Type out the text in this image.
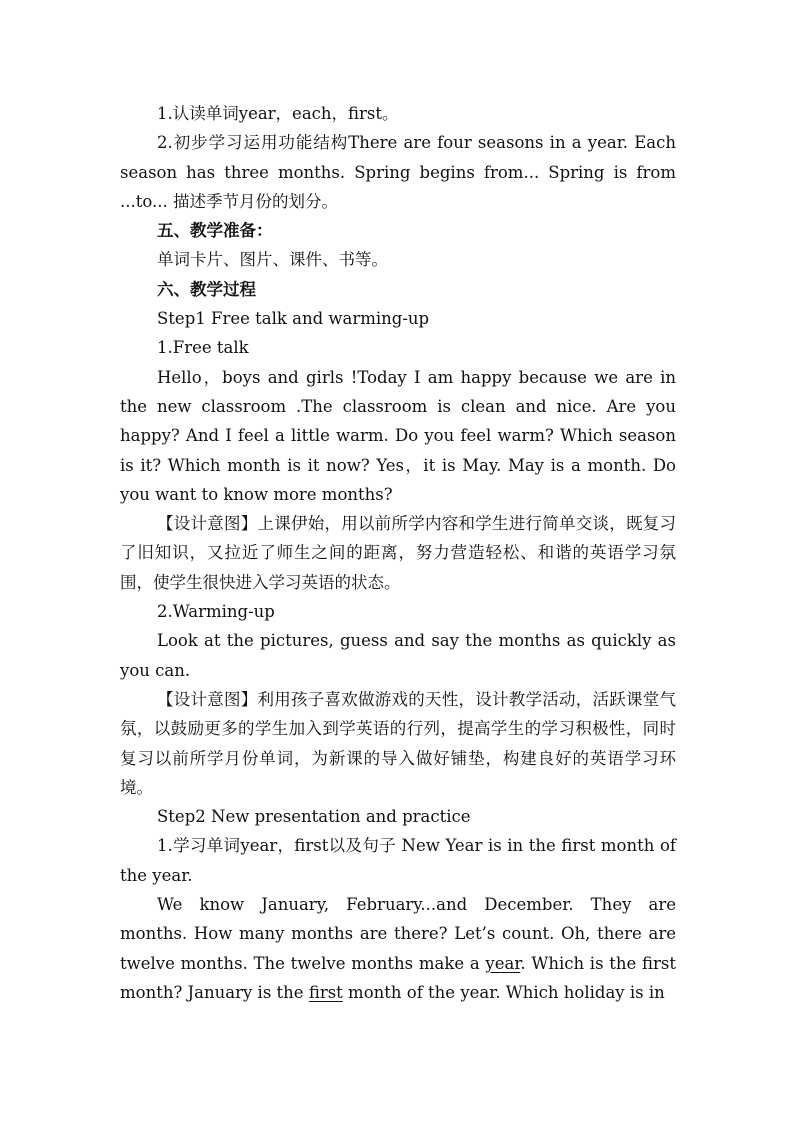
1.认读单词year，each，first。

2.初步学习运用功能结构There are four seasons in a year. Each season has three months. Spring begins from... Spring is from ...to... 描述季节月份的划分。

五、教学准备：

单词卡片、图片、课件、书等。

六、教学过程

Step1 Free talk and warming-up

1.Free talk

Hello，boys and girls !Today I am happy because we are in the new classroom .The classroom is clean and nice. Are you happy? And I feel a little warm. Do you feel warm? Which season is it? Which month is it now? Yes，it is May. May is a month. Do you want to know more months?

【设计意图】上课伊始，用以前所学内容和学生进行简单交谈，既复习了旧知识，又拉近了师生之间的距离，努力营造轻松、和谐的英语学习氛围，使学生很快进入学习英语的状态。

2.Warming-up

Look at the pictures, guess and say the months as quickly as you can.

【设计意图】利用孩子喜欢做游戏的天性，设计教学活动，活跃课堂气氛，以鼓励更多的学生加入到学英语的行列，提高学生的学习积极性，同时复习以前所学月份单词，为新课的导入做好铺垫，构建良好的英语学习环境。

Step2 New presentation and practice

1.学习单词year，first以及句子 New Year is in the first month of the year.

We know January, February...and December. They are months. How many months are there? Let’s count. Oh, there are twelve months. The twelve months make a year. Which is the first month? January is the first month of the year. Which holiday is in
